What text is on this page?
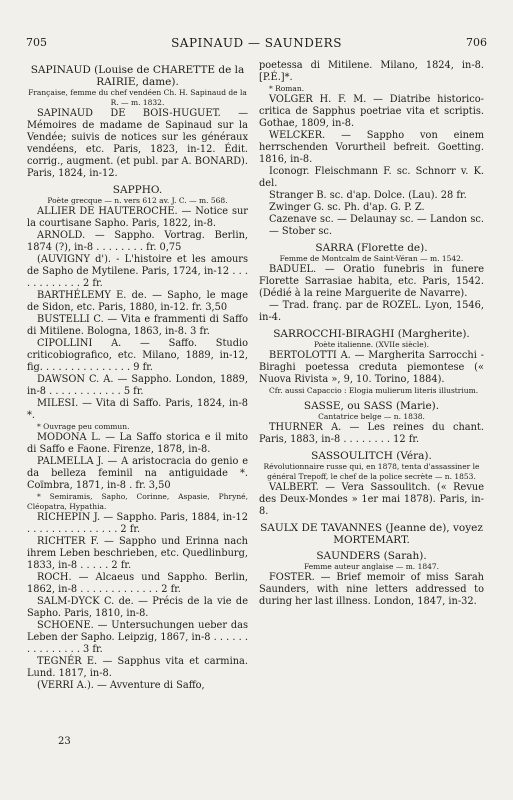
705	SAPINAUD — SAUNDERS	706

SAPINAUD (Louise de CHARETTE de la RAIRIE, dame).

Française, femme du chef vendéen Ch. H. Sapinaud de la R. — m. 1832.

SAPINAUD DE BOIS-HUGUET. — Mémoires de madame de Sapinaud sur la Vendée; suivis de notices sur les généraux vendéens, etc. Paris, 1823, in-12. Édit. corrig., augment. (et publ. par A. BONARD). Paris, 1824, in-12.

SAPPHO.

Poète grecque — n. vers 612 av. J. C. — m. 568.

ALLIER DE HAUTEROCHE. — Notice sur la courtisane Sapho. Paris, 1822, in-8.

ARNOLD. — Sappho. Vortrag. Berlin, 1874 (?), in-8 . . . . . . . . fr. 0,75

(AUVIGNY d'). - L'histoire et les amours de Sapho de Mytilene. Paris, 1724, in-12 . . . . . . . . . . . . 2 fr.

BARTHÉLEMY E. de. — Sapho, le mage de Sidon, etc. Paris, 1880, in-12. fr. 3,50

BUSTELLI C. — Vita e frammenti di Saffo di Mitilene. Bologna, 1863, in-8. 3 fr.

CIPOLLINI A. — Saffo. Studio criticobiografico, etc. Milano, 1889, in-12, fig. . . . . . . . . . . . . . . 9 fr.

DAWSON C. A. — Sappho. London, 1889, in-8 . . . . . . . . . . . . 5 fr.

MILESI. — Vita di Saffo. Paris, 1824, in-8 *.

* Ouvrage peu commun.

MODONA L. — La Saffo storica e il mito di Saffo e Faone. Firenze, 1878, in-8.

PALMELLA J. — A aristocracia do genio e da belleza feminil na antiguidade *. Coïmbra, 1871, in-8 . fr. 3,50

* Semiramis, Sapho, Corinne, Aspasie, Phryné, Cléopatra, Hypathia.

RICHEPIN J. — Sappho. Paris, 1884, in-12 . . . . . . . . . . . . . . . 2 fr.

RICHTER F. — Sappho und Erinna nach ihrem Leben beschrieben, etc. Quedlinburg, 1833, in-8 . . . . . 2 fr.

ROCH. — Alcaeus und Sappho. Berlin, 1862, in-8 . . . . . . . . . . . . . 2 fr.

SALM-DYCK C. de. — Précis de la vie de Sapho. Paris, 1810, in-8.

SCHOENE. — Untersuchungen ueber das Leben der Sapho. Leipzig, 1867, in-8 . . . . . . . . . . . . . . . 3 fr.

TEGNÉR E. — Sapphus vita et carmina. Lund. 1817, in-8.

(VERRI A.). — Avventure di Saffo,

poetessa di Mitilene. Milano, 1824, in-8. [P.É.]*.

* Roman.

VOLGER H. F. M. — Diatribe historico-critica de Sapphus poetriae vita et scriptis. Gothae, 1809, in-8.

WELCKER. — Sappho von einem herrschenden Vorurtheil befreit. Goetting. 1816, in-8.

Iconogr. Fleischmann F. sc. Schnorr v. K. del.

Stranger B. sc. d'ap. Dolce. (Lau). 28 fr.

Zwinger G. sc. Ph. d'ap. G. P. Z.

Cazenave sc. — Delaunay sc. — Landon sc. — Stober sc.

SARRA (Florette de).

Femme de Montcalm de Saint-Véran — m. 1542.

BADUEL. — Oratio funebris in funere Florette Sarrasiae habita, etc. Paris, 1542. (Dédié à la reine Marguerite de Navarre).

— Trad. franç. par de ROZEL. Lyon, 1546, in-4.

SARROCCHI-BIRAGHI (Margherite).

Poète italienne. (XVIIe siècle).

BERTOLOTTI A. — Margherita Sarrocchi - Biraghi poetessa creduta piemontese (« Nuova Rivista », 9, 10. Torino, 1884).

Cfr. aussi Capaccio : Elogia mulierum literis illustrium.

SASSE, ou SASS (Marie).

Cantatrice belge — n. 1838.

THURNER A. — Les reines du chant. Paris, 1883, in-8 . . . . . . . . 12 fr.

SASSOULITCH (Véra).

Révolutionnaire russe qui, en 1878, tenta d'assassiner le général Trepoff, le chef de la police secrète — n. 1853.

VALBERT. — Vera Sassoulitch. (« Revue des Deux-Mondes » 1er mai 1878). Paris, in-8.

SAULX DE TAVANNES (Jeanne de), voyez MORTEMART.

SAUNDERS (Sarah).

Femme auteur anglaise — m. 1847.

FOSTER. — Brief memoir of miss Sarah Saunders, with nine letters addressed to during her last illness. London, 1847, in-32.

23
